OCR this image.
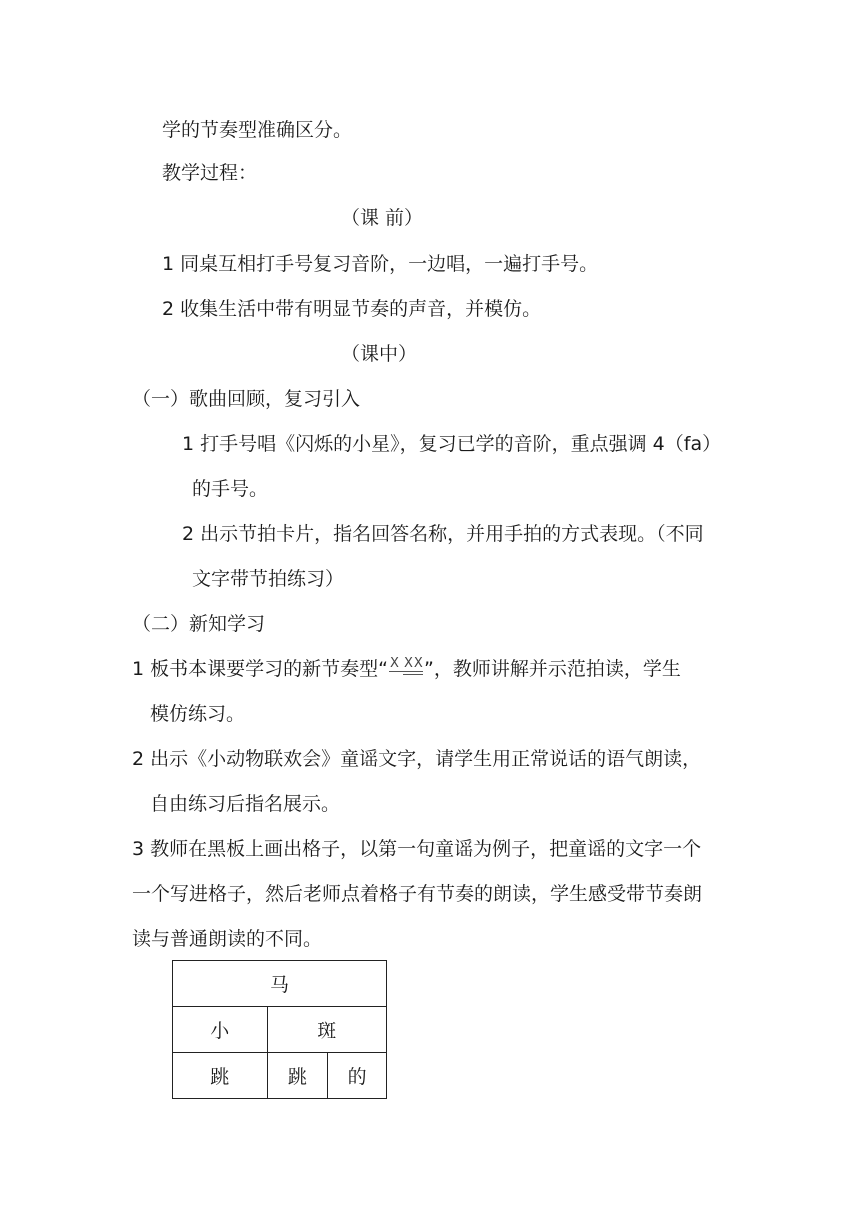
学的节奏型准确区分。
教学过程：
（课 前）
1 同桌互相打手号复习音阶，一边唱，一遍打手号。
2 收集生活中带有明显节奏的声音，并模仿。
（课中）
（一）歌曲回顾，复习引入
1 打手号唱《闪烁的小星》，复习已学的音阶，重点强调 4（fa）
的手号。
2 出示节拍卡片，指名回答名称，并用手拍的方式表现。（不同
文字带节拍练习）
（二）新知学习
1 板书本课要学习的新节奏型“ X XX ”，教师讲解并示范拍读，学生
模仿练习。
2 出示《小动物联欢会》童谣文字，请学生用正常说话的语气朗读，
自由练习后指名展示。
3 教师在黑板上画出格子，以第一句童谣为例子，把童谣的文字一个
一个写进格子，然后老师点着格子有节奏的朗读，学生感受带节奏朗
读与普通朗读的不同。
马		
小	斑	
跳	跳	的
